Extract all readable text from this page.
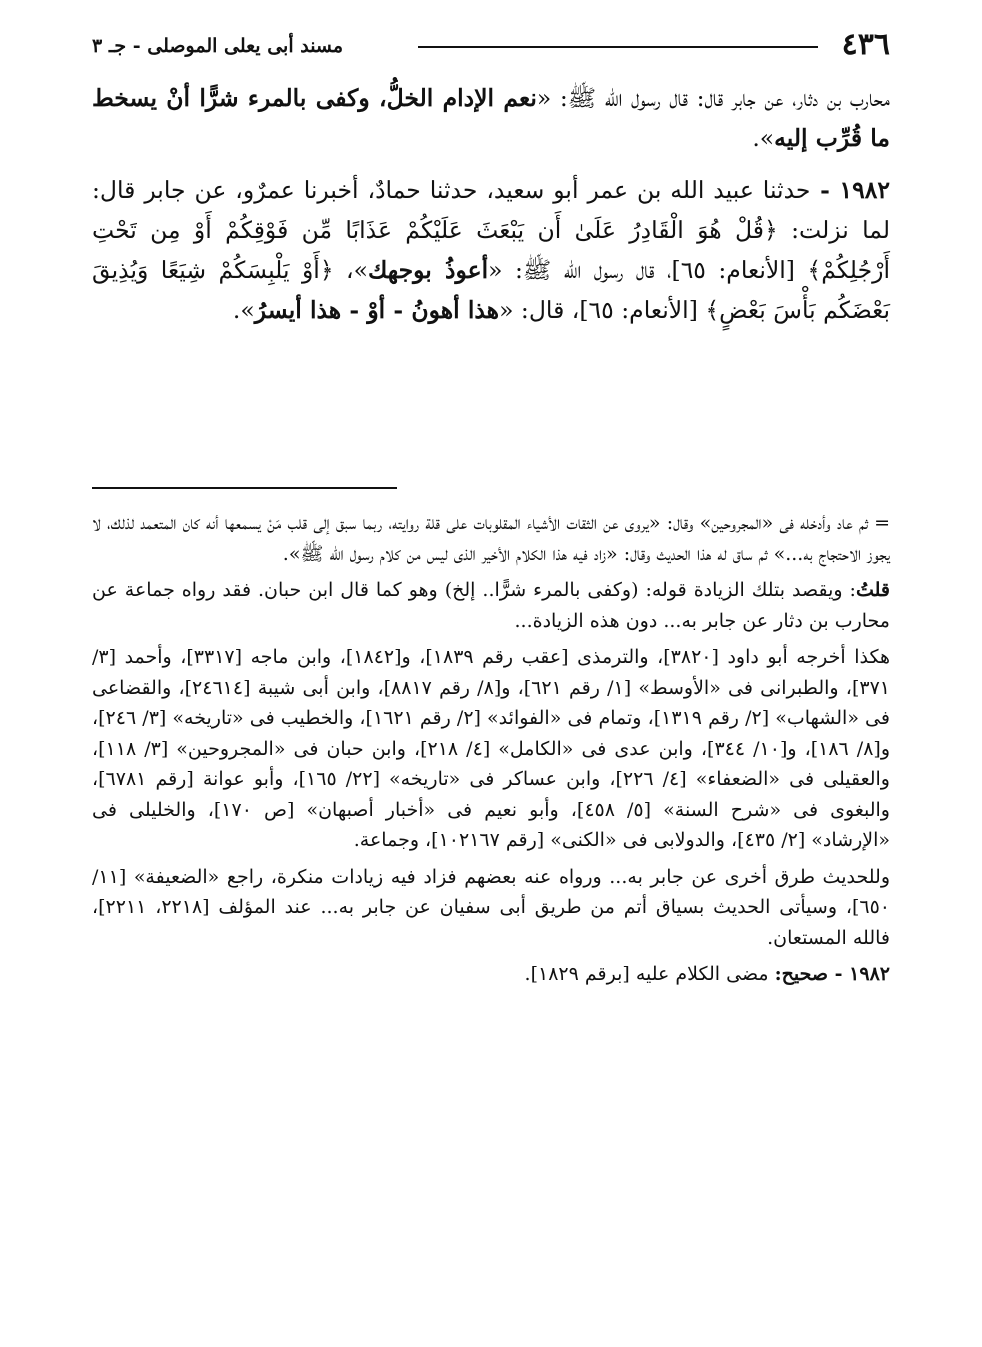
٤٣٦
مسند أبى يعلى الموصلى - جـ ٣

محارب بن دثار، عن جابر قال: قال رسول الله ﷺ: «نعم الإدام الخلُّ، وكفى بالمرء شرًّا أنْ يسخط ما قُرِّب إليه».

١٩٨٢ - حدثنا عبيد الله بن عمر أبو سعيد، حدثنا حمادٌ، أخبرنا عمرٌو، عن جابر قال: لما نزلت: ﴿قُلْ هُوَ الْقَادِرُ عَلَىٰ أَن يَبْعَثَ عَلَيْكُمْ عَذَابًا مِّن فَوْقِكُمْ أَوْ مِن تَحْتِ أَرْجُلِكُمْ﴾ [الأنعام: ٦٥]، قال رسول الله ﷺ: «أعوذُ بوجهك»، ﴿أَوْ يَلْبِسَكُمْ شِيَعًا وَيُذِيقَ بَعْضَكُم بَأْسَ بَعْضٍ﴾ [الأنعام: ٦٥]، قال: «هذا أهونُ - أوْ - هذا أيسرُ».

=ثم عاد وأدخله فى «المجروحين» وقال: «يروى عن الثقات الأشياء المقلوبات على قلة روايته، ربما سبق إلى قلب مَنْ يسمعها أنه كان المتعمد لذلك، لا يجوز الاحتجاج به...» ثم ساق له هذا الحديث وقال: «زاد فيه هذا الكلام الأخير الذى ليس من كلام رسول الله ﷺ».

قلتُ: ويقصد بتلك الزيادة قوله: (وكفى بالمرء شرًّا.. إلخ) وهو كما قال ابن حبان. فقد رواه جماعة عن محارب بن دثار عن جابر به... دون هذه الزيادة...

هكذا أخرجه أبو داود [٣٨٢٠]، والترمذى [عقب رقم ١٨٣٩]، و[١٨٤٢]، وابن ماجه [٣٣١٧]، وأحمد [٣/ ٣٧١]، والطبرانى فى «الأوسط» [١/ رقم ٦٢١]، و[٨/ رقم ٨٨١٧]، وابن أبى شيبة [٢٤٦١٤]، والقضاعى فى «الشهاب» [٢/ رقم ١٣١٩]، وتمام فى «الفوائد» [٢/ رقم ١٦٢١]، والخطيب فى «تاريخه» [٣/ ٢٤٦]، و[٨/ ١٨٦]، و[١٠/ ٣٤٤]، وابن عدى فى «الكامل» [٤/ ٢١٨]، وابن حبان فى «المجروحين» [٣/ ١١٨]، والعقيلى فى «الضعفاء» [٤/ ٢٢٦]، وابن عساكر فى «تاريخه» [٢٢/ ١٦٥]، وأبو عوانة [رقم ٦٧٨١]، والبغوى فى «شرح السنة» [٥/ ٤٥٨]، وأبو نعيم فى «أخبار أصبهان» [ص ١٧٠]، والخليلى فى «الإرشاد» [٢/ ٤٣٥]، والدولابى فى «الكنى» [رقم ١٠٢١٦٧]، وجماعة.

وللحديث طرق أخرى عن جابر به... ورواه عنه بعضهم فزاد فيه زيادات منكرة، راجع «الضعيفة» [١١/ ٦٥٠]، وسيأتى الحديث بسياق أتم من طريق أبى سفيان عن جابر به... عند المؤلف [٢٢١٨، ٢٢١١]، فالله المستعان.

١٩٨٢ - صحيح: مضى الكلام عليه [برقم ١٨٢٩].
